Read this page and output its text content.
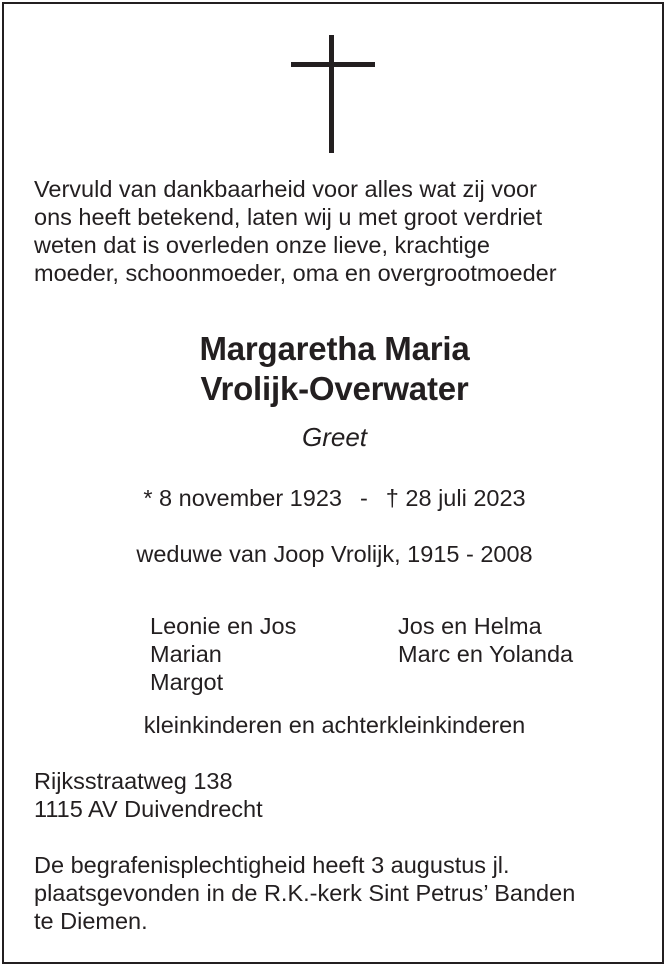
Vervuld van dankbaarheid voor alles wat zij voor
ons heeft betekend, laten wij u met groot verdriet
weten dat is overleden onze lieve, krachtige
moeder, schoonmoeder, oma en overgrootmoeder
Margaretha Maria
Vrolijk-Overwater
Greet
* 8 november 1923 - † 28 juli 2023
weduwe van Joop Vrolijk, 1915 - 2008
Leonie en Jos
Marian
Margot
Jos en Helma
Marc en Yolanda
kleinkinderen en achterkleinkinderen
Rijksstraatweg 138
1115 AV Duivendrecht
De begrafenisplechtigheid heeft 3 augustus jl.
plaatsgevonden in de R.K.-kerk Sint Petrus’ Banden
te Diemen.
